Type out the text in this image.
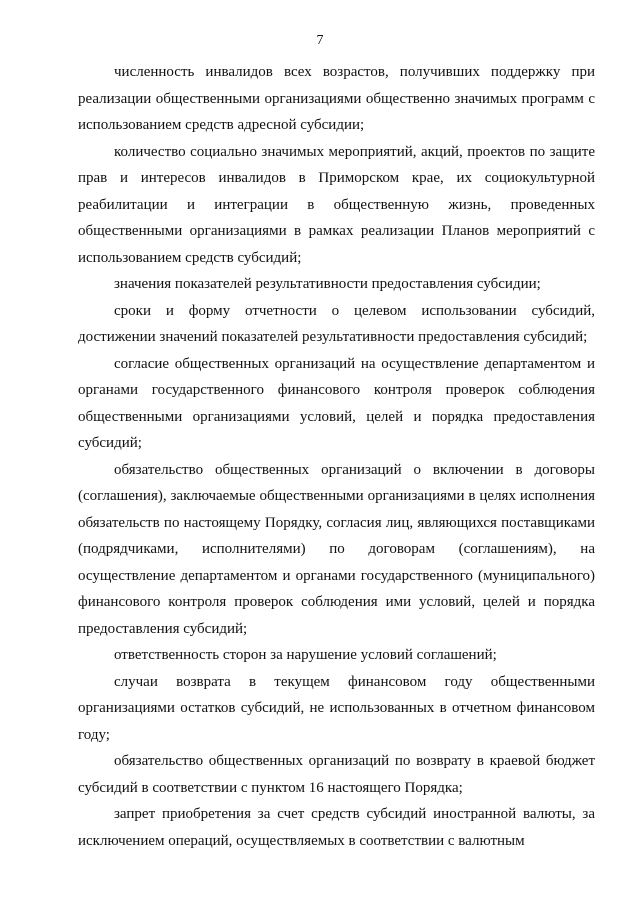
7

численность инвалидов всех возрастов, получивших поддержку при реализации общественными организациями общественно значимых программ с использованием средств адресной субсидии;

количество социально значимых мероприятий, акций, проектов по защите прав и интересов инвалидов в Приморском крае, их социокультурной реабилитации и интеграции в общественную жизнь, проведенных общественными организациями в рамках реализации Планов мероприятий с использованием средств субсидий;

значения показателей результативности предоставления субсидии;

сроки и форму отчетности о целевом использовании субсидий, достижении значений показателей результативности предоставления субсидий;

согласие общественных организаций на осуществление департаментом и органами государственного финансового контроля проверок соблюдения общественными организациями условий, целей и порядка предоставления субсидий;

обязательство общественных организаций о включении в договоры (соглашения), заключаемые общественными организациями в целях исполнения обязательств по настоящему Порядку, согласия лиц, являющихся поставщиками (подрядчиками, исполнителями) по договорам (соглашениям), на осуществление департаментом и органами государственного (муниципального) финансового контроля проверок соблюдения ими условий, целей и порядка предоставления субсидий;

ответственность сторон за нарушение условий соглашений;

случаи возврата в текущем финансовом году общественными организациями остатков субсидий, не использованных в отчетном финансовом году;

обязательство общественных организаций по возврату в краевой бюджет субсидий в соответствии с пунктом 16 настоящего Порядка;

запрет приобретения за счет средств субсидий иностранной валюты, за исключением операций, осуществляемых в соответствии с валютным
